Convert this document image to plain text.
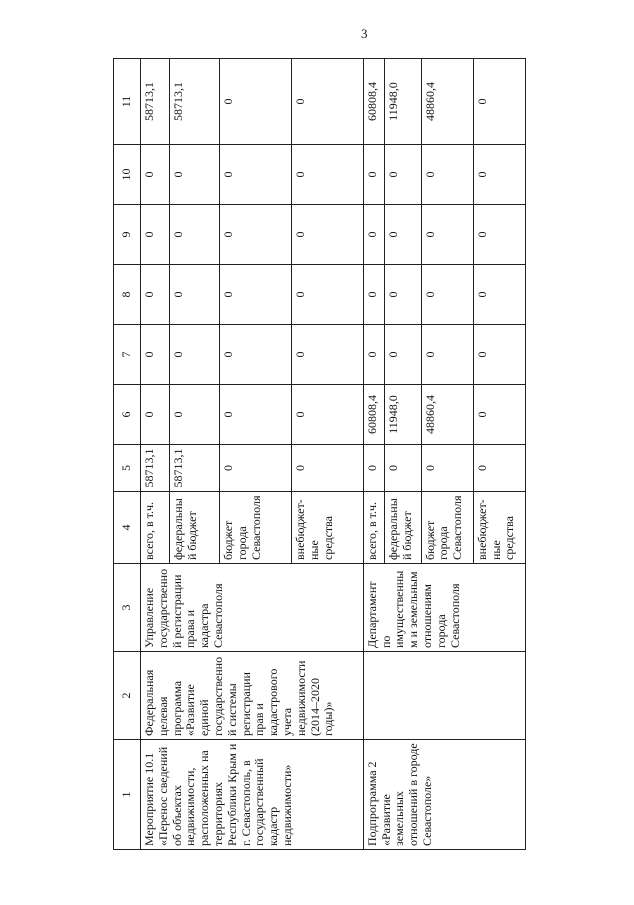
3
1	2	3	4	5	6	7	8	9	10	11
Мероприятие 10.1 «Перенос сведений об объектах недвижимости, расположенных на территориях Республики Крым и г. Севастополь, в государственный кадастр недвижимости»	Федеральная целевая программа «Развитие единой государственной системы регистрации прав и кадастрового учета недвижимости (2014–2020 годы)»	Управление государственной регистрации права и кадастра Севастополя	всего, в т.ч.	58713,1	0	0	0	0	0	58713,1
			федеральный бюджет	58713,1	0	0	0	0	0	58713,1
			бюджет города Севастополя	0	0	0	0	0	0	0
			внебюджет-ные средства	0	0	0	0	0	0	0
Подпрограмма 2 «Развитие земельных отношений в городе Севастополе»		Департамент по имущественным и земельным отношениям города Севастополя	всего, в т.ч.	0	60808,4	0	0	0	0	60808,4
			федеральный бюджет	0	11948,0	0	0	0	0	11948,0
			бюджет города Севастополя	0	48860,4	0	0	0	0	48860,4
			внебюджет-ные средства	0	0	0	0	0	0	0
